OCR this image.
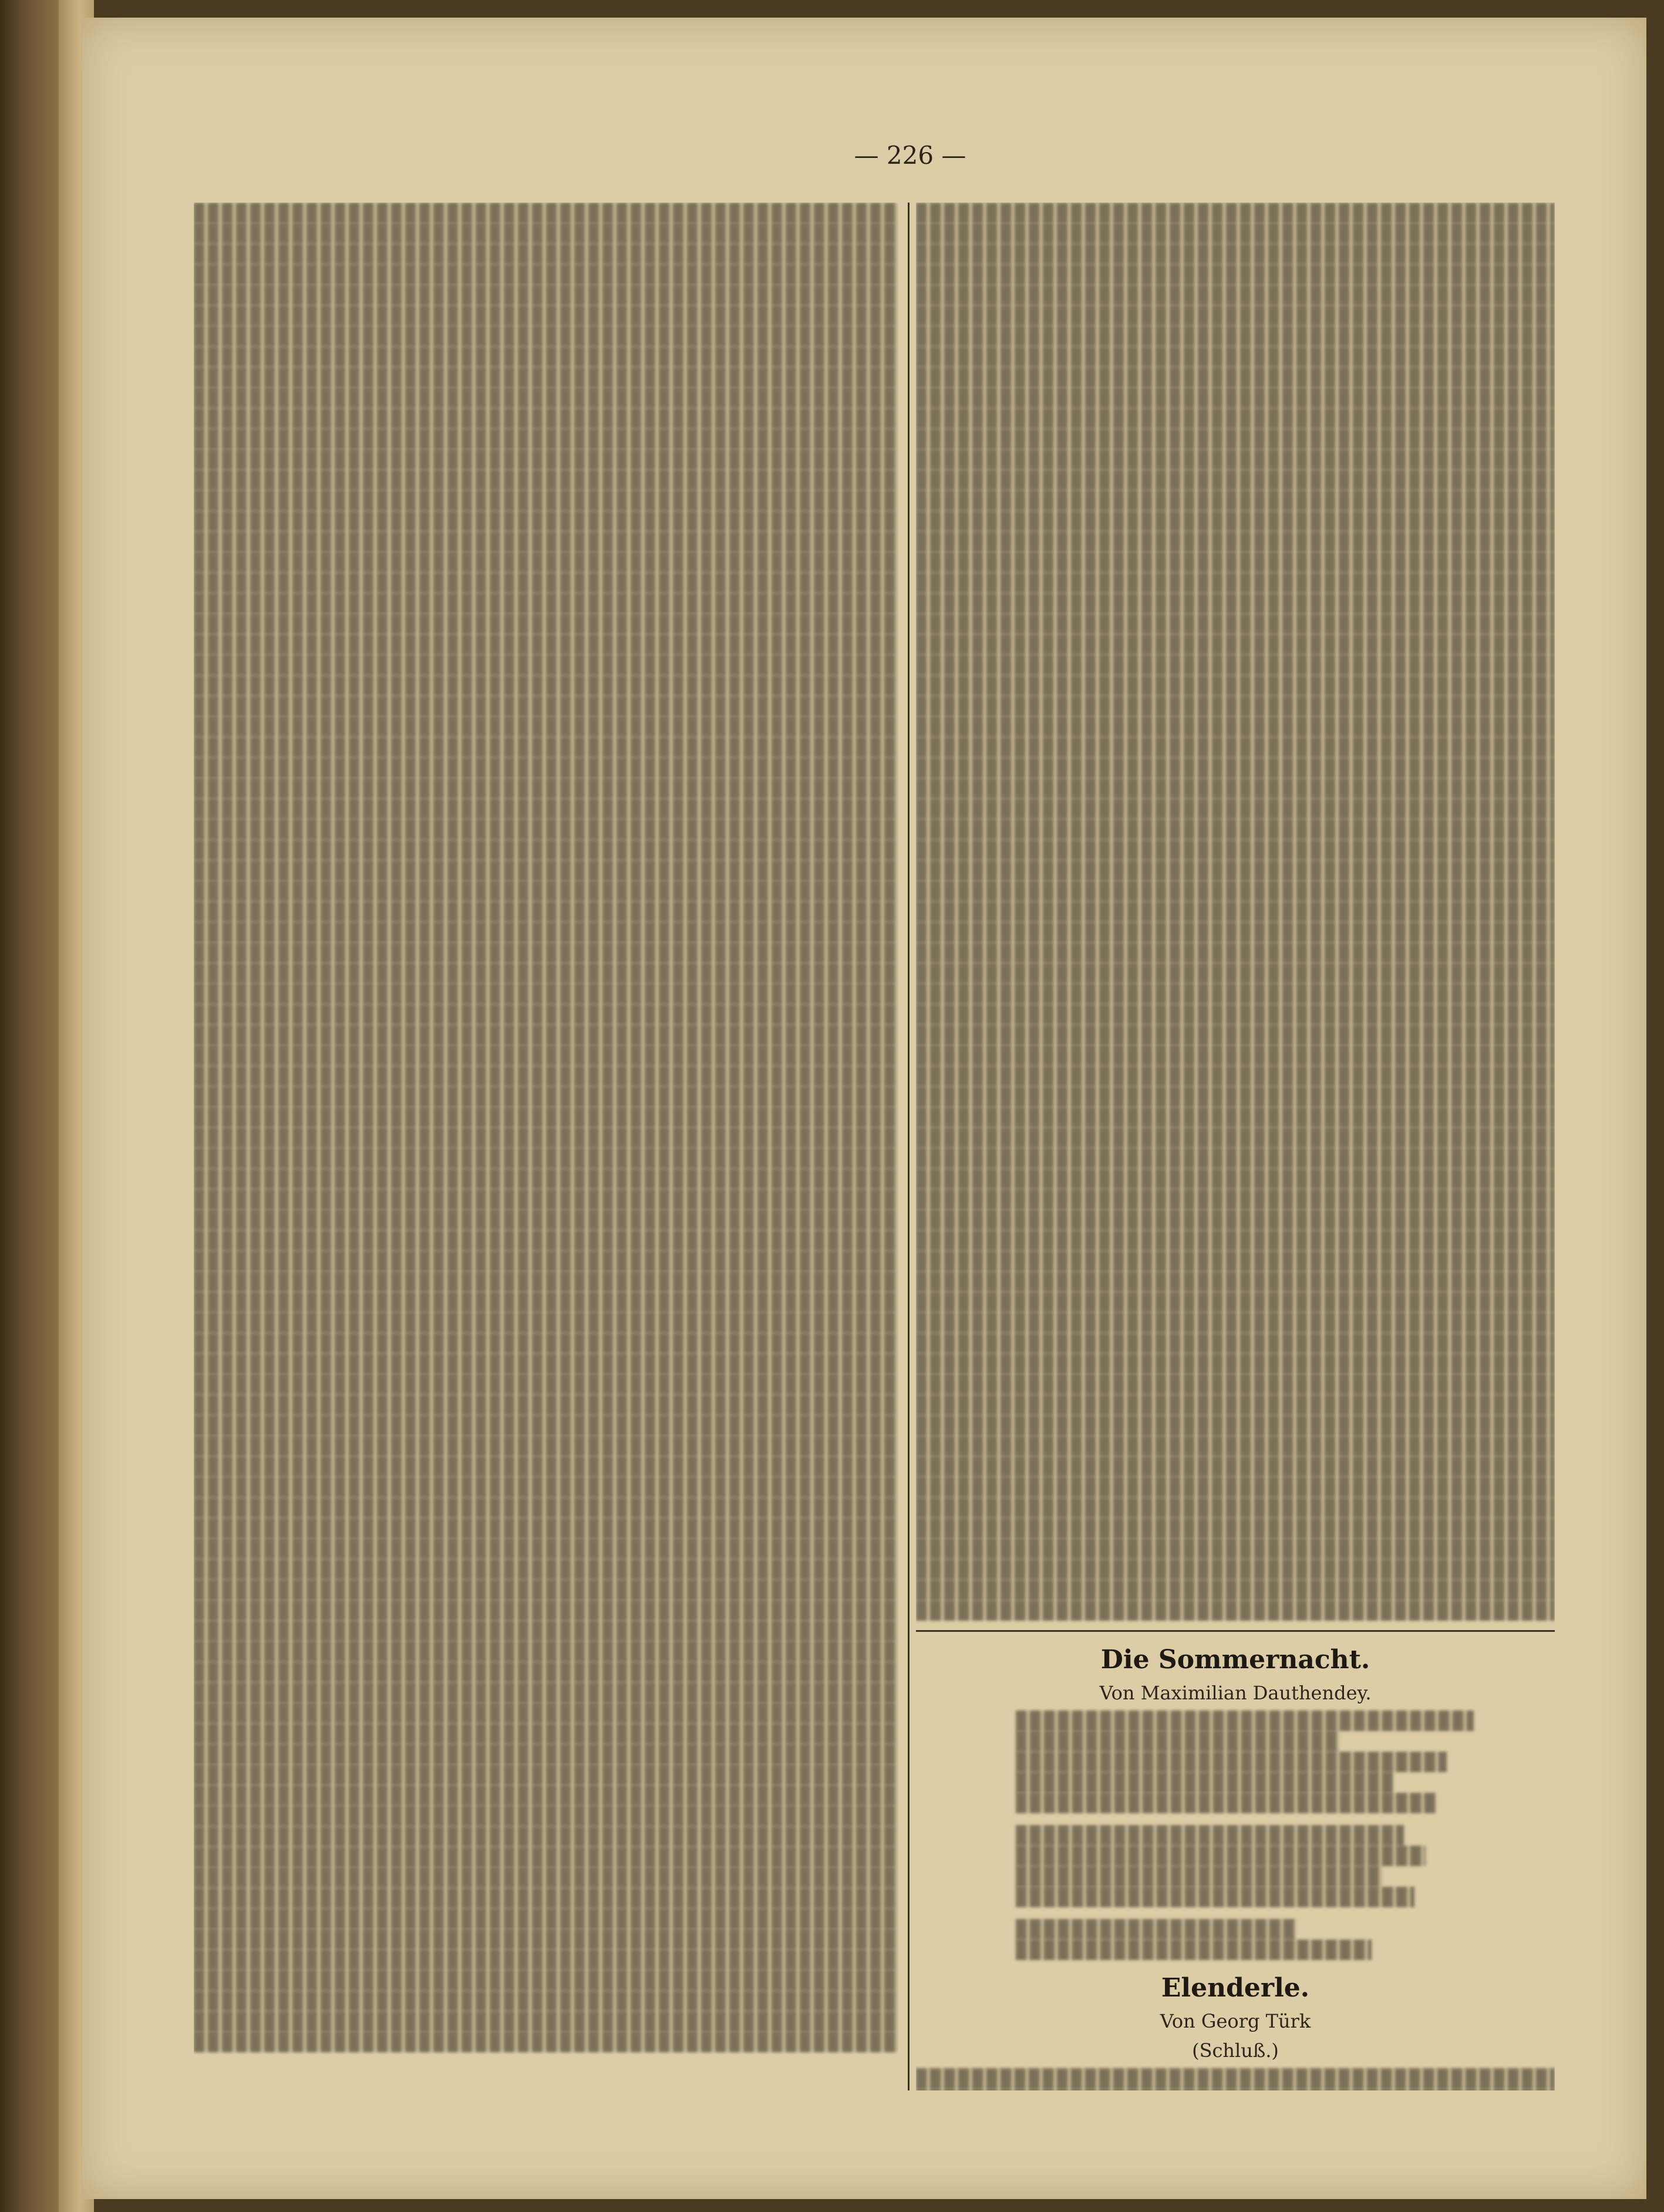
— 226 —
Die Sommernacht.
Von Maximilian Dauthendey.
Elenderle.
Von Georg Türk
(Schluß.)
